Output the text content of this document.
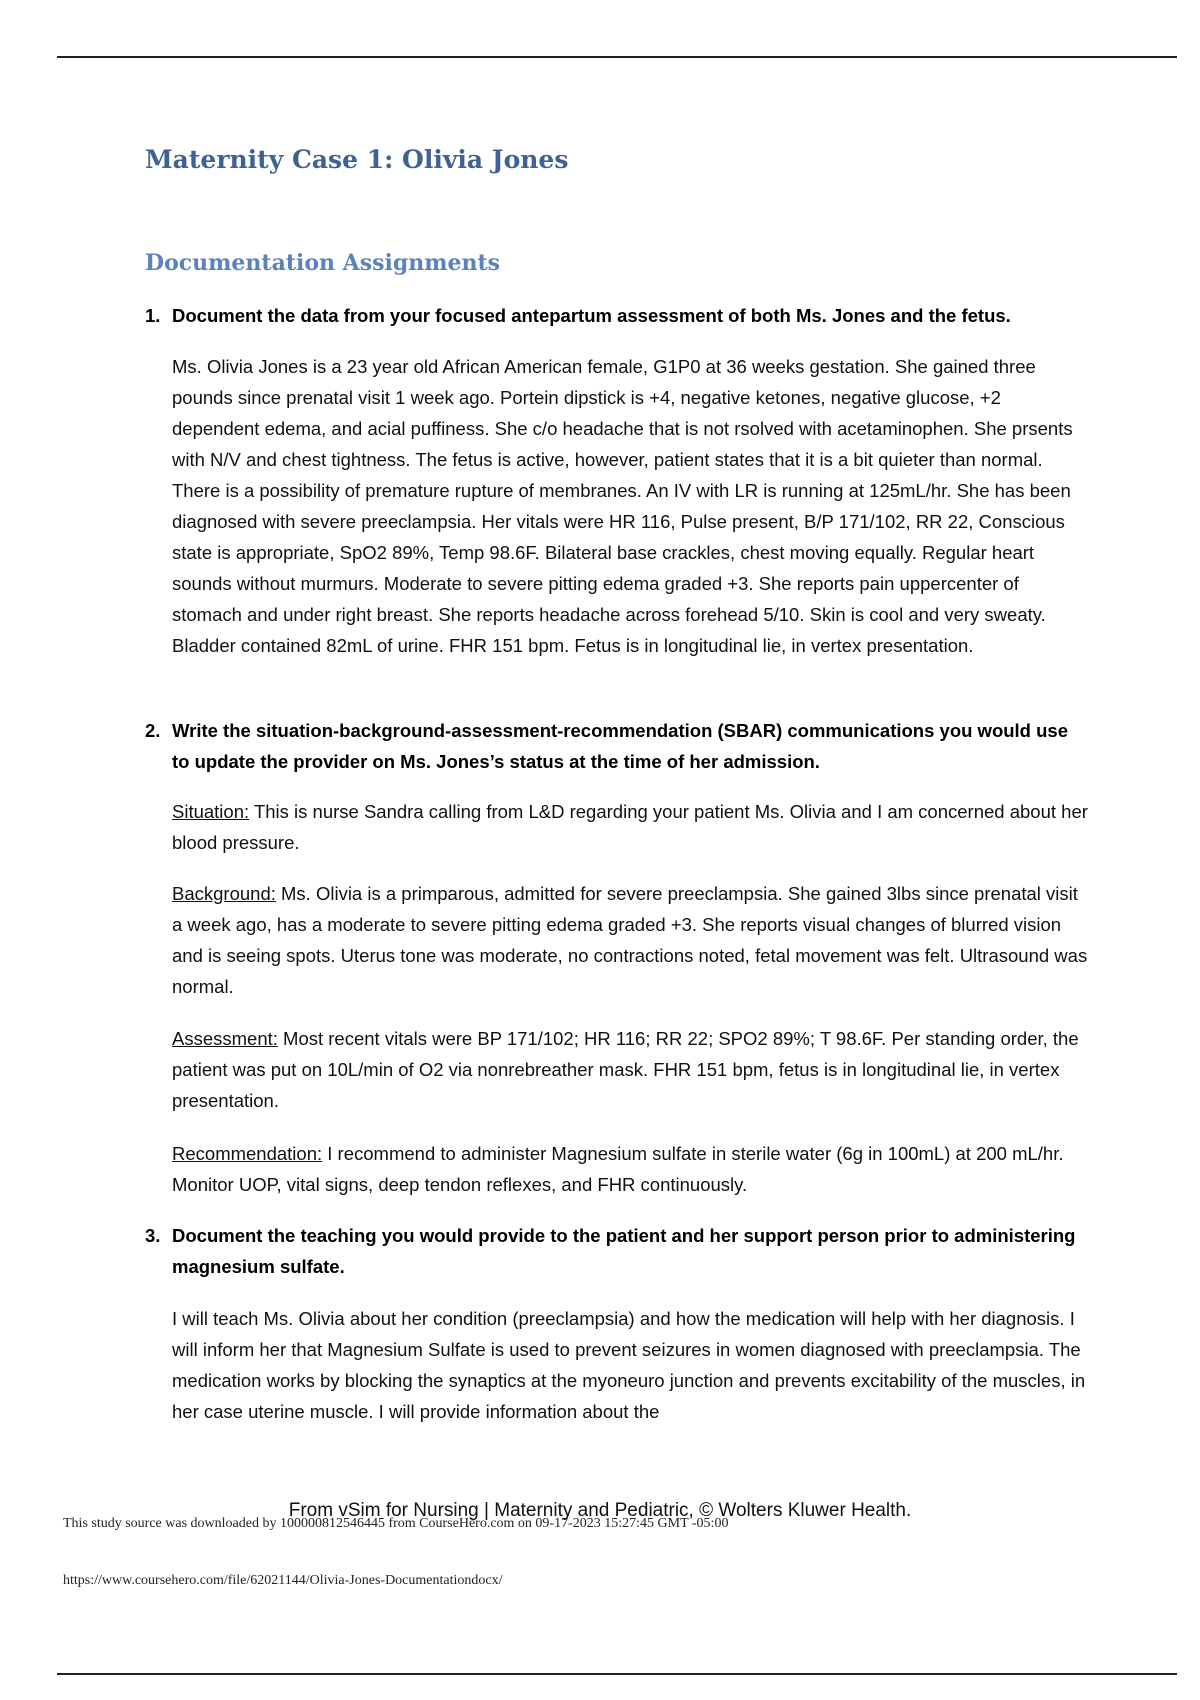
Maternity Case 1: Olivia Jones
Documentation Assignments
1. Document the data from your focused antepartum assessment of both Ms. Jones and the fetus.
Ms. Olivia Jones is a 23 year old African American female, G1P0 at 36 weeks gestation. She gained three pounds since prenatal visit 1 week ago. Portein dipstick is +4, negative ketones, negative glucose, +2 dependent edema, and acial puffiness. She c/o headache that is not rsolved with acetaminophen. She prsents with N/V and chest tightness. The fetus is active, however, patient states that it is a bit quieter than normal. There is a possibility of premature rupture of membranes. An IV with LR is running at 125mL/hr. She has been diagnosed with severe preeclampsia. Her vitals were HR 116, Pulse present, B/P 171/102, RR 22, Conscious state is appropriate, SpO2 89%, Temp 98.6F. Bilateral base crackles, chest moving equally. Regular heart sounds without murmurs. Moderate to severe pitting edema graded +3. She reports pain uppercenter of stomach and under right breast. She reports headache across forehead 5/10. Skin is cool and very sweaty. Bladder contained 82mL of urine. FHR 151 bpm. Fetus is in longitudinal lie, in vertex presentation.
2. Write the situation-background-assessment-recommendation (SBAR) communications you would use to update the provider on Ms. Jones’s status at the time of her admission.
Situation: This is nurse Sandra calling from L&D regarding your patient Ms. Olivia and I am concerned about her blood pressure.
Background: Ms. Olivia is a primparous, admitted for severe preeclampsia. She gained 3lbs since prenatal visit a week ago, has a moderate to severe pitting edema graded +3. She reports visual changes of blurred vision and is seeing spots. Uterus tone was moderate, no contractions noted, fetal movement was felt. Ultrasound was normal.
Assessment: Most recent vitals were BP 171/102; HR 116; RR 22; SPO2 89%; T 98.6F. Per standing order, the patient was put on 10L/min of O2 via nonrebreather mask. FHR 151 bpm, fetus is in longitudinal lie, in vertex presentation.
Recommendation: I recommend to administer Magnesium sulfate in sterile water (6g in 100mL) at 200 mL/hr. Monitor UOP, vital signs, deep tendon reflexes, and FHR continuously.
3. Document the teaching you would provide to the patient and her support person prior to administering magnesium sulfate.
I will teach Ms. Olivia about her condition (preeclampsia) and how the medication will help with her diagnosis. I will inform her that Magnesium Sulfate is used to prevent seizures in women diagnosed with preeclampsia. The medication works by blocking the synaptics at the myoneuro junction and prevents excitability of the muscles, in her case uterine muscle. I will provide information about the
From vSim for Nursing | Maternity and Pediatric, © Wolters Kluwer Health.
This study source was downloaded by 100000812546445 from CourseHero.com on 09-17-2023 15:27:45 GMT -05:00
https://www.coursehero.com/file/62021144/Olivia-Jones-Documentationdocx/
